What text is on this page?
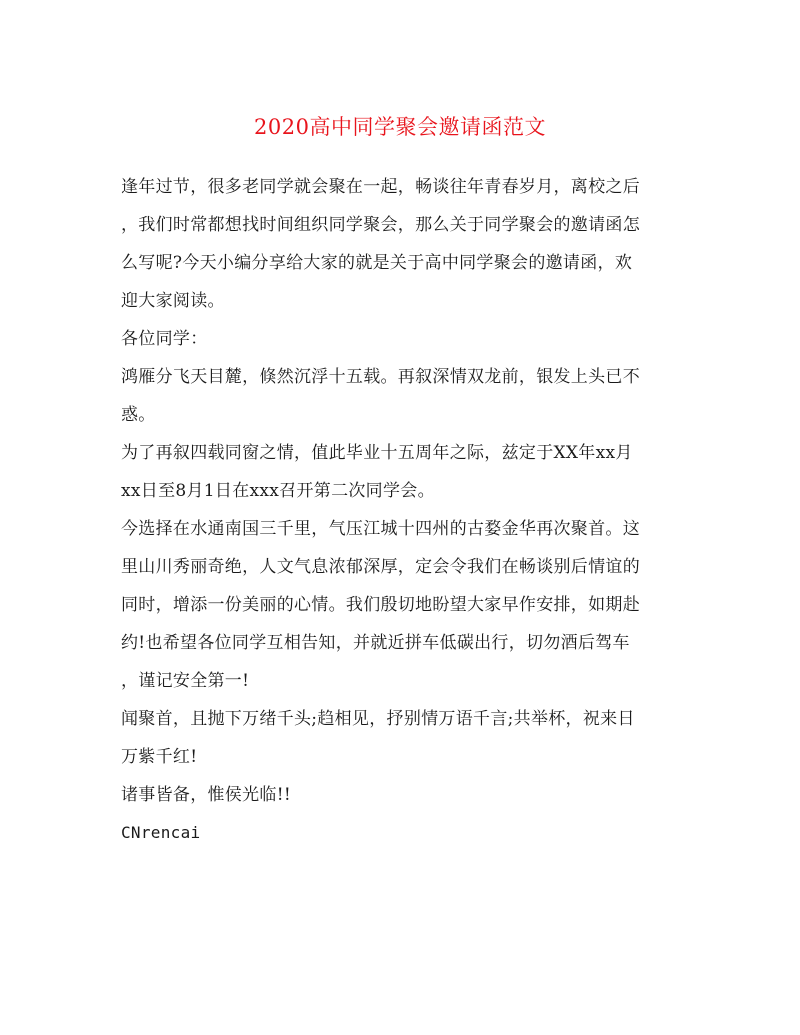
2020高中同学聚会邀请函范文
逢年过节，很多老同学就会聚在一起，畅谈往年青春岁月，离校之后
，我们时常都想找时间组织同学聚会，那么关于同学聚会的邀请函怎
么写呢?今天小编分享给大家的就是关于高中同学聚会的邀请函，欢
迎大家阅读。
各位同学：
鸿雁分飞天目麓，倏然沉浮十五载。再叙深情双龙前，银发上头已不
惑。
为了再叙四载同窗之情，值此毕业十五周年之际，兹定于XX年xx月
xx日至8月1日在xxx召开第二次同学会。
今选择在水通南国三千里，气压江城十四州的古婺金华再次聚首。这
里山川秀丽奇绝，人文气息浓郁深厚，定会令我们在畅谈别后情谊的
同时，增添一份美丽的心情。我们殷切地盼望大家早作安排，如期赴
约!也希望各位同学互相告知，并就近拼车低碳出行，切勿酒后驾车
，谨记安全第一!
闻聚首，且抛下万绪千头;趋相见，抒别情万语千言;共举杯，祝来日
万紫千红!
诸事皆备，惟侯光临!!
CNrencai
